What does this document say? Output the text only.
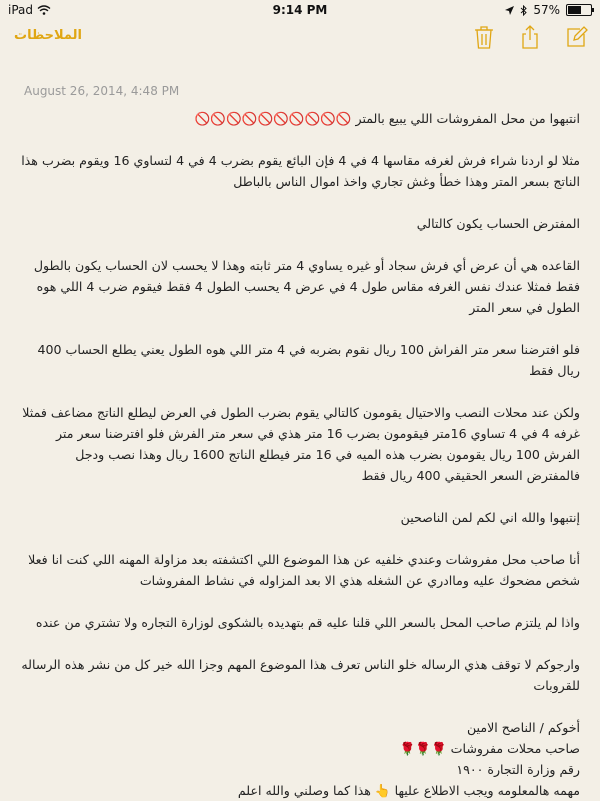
iPad	9:14 PM	57%
الملاحظات
August 26, 2014, 4:48 PM

انتبهوا من محل المفروشات اللي يبيع بالمتر 🚫🚫🚫🚫🚫🚫🚫🚫🚫🚫

مثلا لو اردنا شراء فرش لغرفه مقاسها 4 في 4 فإن البائع يقوم بضرب 4 في 4 لتساوي 16 ويقوم بضرب هذا الناتج بسعر المتر وهذا خطأ وغش تجاري واخذ اموال الناس بالباطل

المفترض الحساب يكون كالتالي

القاعده هي أن عرض أي فرش سجاد أو غيره يساوي 4 متر ثابته وهذا لا يحسب لان الحساب يكون بالطول فقط فمثلا عندك نفس الغرفه مقاس طول 4 في عرض 4 يحسب الطول 4 فقط فيقوم ضرب 4 اللي هوه الطول في سعر المتر

فلو افترضنا سعر متر الفراش 100 ريال نقوم بضربه في 4 متر اللي هوه الطول يعني يطلع الحساب 400 ريال فقط

ولكن عند محلات النصب والاحتيال يقومون كالتالي يقوم بضرب الطول في العرض ليطلع الناتج مضاعف فمثلا غرفه 4 في 4 تساوي 16متر فيقومون بضرب 16 متر هذي في سعر متر الفرش فلو افترضنا سعر متر الفرش 100 ريال يقومون بضرب هذه الميه في 16 متر فيطلع الناتج 1600 ريال وهذا نصب ودجل فالمفترض السعر الحقيقي 400 ريال فقط

إنتبهوا والله اني لكم لمن الناصحين

أنا صاحب محل مفروشات وعندي خلفيه عن هذا الموضوع اللي اكتشفته بعد مزاولة المهنه اللي كنت انا فعلا شخص مضحوك عليه وماادري عن الشغله هذي الا بعد المزاوله في نشاط المفروشات

واذا لم يلتزم صاحب المحل بالسعر اللي قلنا عليه قم بتهديده بالشكوى لوزارة التجاره ولا تشتري من عنده

وارجوكم لا توقف هذي الرساله خلو الناس تعرف هذا الموضوع المهم وجزا الله خير كل من نشر هذه الرساله للقروبات

أخوكم / الناصح الامين

صاحب محلات مفروشات 🌹🌹🌹

رقم وزارة التجارة ١٩٠٠

مهمه هالمعلومه ويجب الاطلاع عليها 👆 هذا كما وصلني والله اعلم
